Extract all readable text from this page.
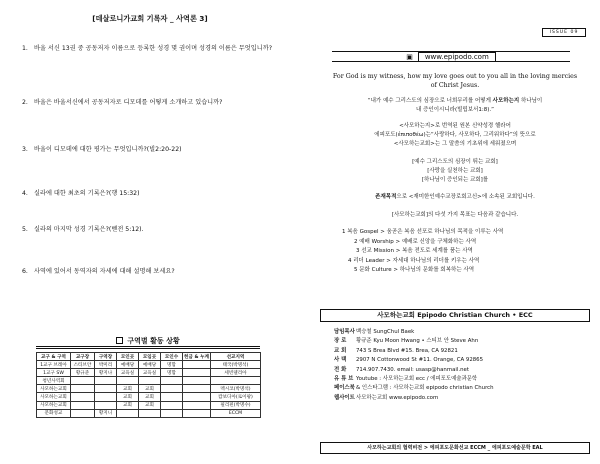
[데살로니가교회 기록자 _ 사역론 3]
1. 바울 서신 13권 중 공동저자 이름으로 등록한 성경 몇 권이며 성경의 이름은 무엇입니까?
2. 바울은 바울서신에서 공동저자로 디모데를 어떻게 소개하고 있습니까?
3. 바울이 디모데에 대한 평가는 무엇입니까?(빌2:20-22)
4. 실라에 대한 최초의 기록은?(행 15:32)
5. 실라의 마지막 성경 기록은?(벧전 5:12).
6. 사역에 있어서 동역자의 자세에 대해 설명해 보세요?
구역별 활동 상황
교구 & 구역	교구장	구역장	모인곳	모임곳	모인수	헌금 & 누계	선교지역
1교구 브레아	스티브안	박미리	예배당	예배당	명함		태국(박명석)
1교구 SW	황규준	황지나	교육실	교육실	명함		세빈델리아
청년사역회							
사모하는교회			교회	교회			멕시코(박명석)
사모하는교회			교회	교회			캄보디아(로이팡)
사모하는교회			교회	교회			필리핀(박명수)
문화성교		황지니					ECCM
ISSUE 09
▣	www.epipodo.com
For God is my witness, how my love goes out to you all in the loving mercies of Christ Jesus.
“내가 예수 그리스도의 심장으로 너희무리를 어떻게 사모하는지 하나님이
내 증인이시니라(빌립보서1:8).”
<사모하는지>로 번역된 원본 신약성경 헬라어
에피포도(ἐπιποθέω)는“사랑하다, 사모하다, 그리워하다”의 뜻으로
<사모하는교회>는 그 말씀의 기초위에 세워졌으며
[예수 그리스도의 심장이 뛰는 교회]
[사랑을 실천하는 교회]
[하나님이 증인되는 교회]를
존재목적으로 <재미한인예수교장로회고신>에 소속된 교회입니다.
[사모하는교회]의 다섯 가지 목표는 다음과 같습니다.
1 복음 Gospel > 움곧은 복음 선포로 하나님의 목적을 이루는 사역
2 예배 Worship > 예배로 신앙을 구체화하는 사역
3 선교 Mission > 복음 전도로 세계를 품는 사역
4 리더 Leader > 자세대 하나님의 리더를 키우는 사역
5 문화 Culture > 하나님의 문화를 회복하는 사역
사모하는교회 Epipodo Christian Church • ECC
담임목사 백승철 SungChul Baek
장 로	황규준 Kyu Moon Hwang • 스티브 안 Steve Ahn
교 회	743 S Brea Blvd #15. Brea, CA 92821
사 택	2907 N Cottonwood St #11. Orange, CA 92865
전 화	714.907.7430. email: usasp@hanmail.net
유 튜 브 Youtube : 사모하는교회 ecc / 에피포도예술과문학
페이스북 & 인스타그램 : 사모하는교회 epipodo christian Church
웹사이트 사모하는교회 www.epipodo.com
사모하는교회의 협력비전 > 에피포도문화선교 ECCM _ 에피포도예술문학 EAL
